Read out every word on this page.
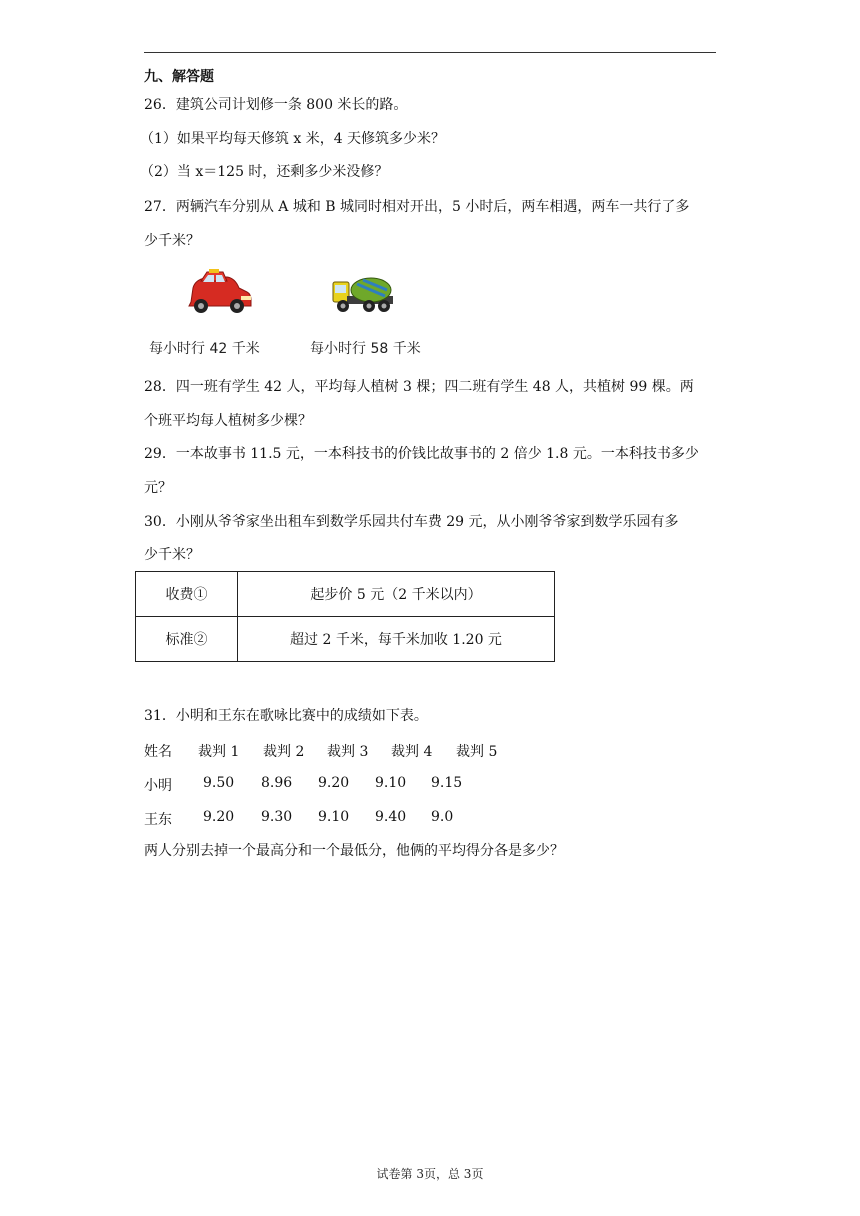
九、解答题
26．建筑公司计划修一条 800 米长的路。
（1）如果平均每天修筑 x 米，4 天修筑多少米？
（2）当 x＝125 时，还剩多少米没修？
27．两辆汽车分别从 A 城和 B 城同时相对开出，5 小时后，两车相遇，两车一共行了多
少千米？
每小时行 42 千米	每小时行 58 千米
28．四一班有学生 42 人，平均每人植树 3 棵；四二班有学生 48 人，共植树 99 棵。两
个班平均每人植树多少棵？
29．一本故事书 11.5 元，一本科技书的价钱比故事书的 2 倍少 1.8 元。一本科技书多少
元？
30．小刚从爷爷家坐出租车到数学乐园共付车费 29 元，从小刚爷爷家到数学乐园有多
少千米？
收费①	起步价 5 元（2 千米以内）
标准②	超过 2 千米，每千米加收 1.20 元
31．小明和王东在歌咏比赛中的成绩如下表。
姓名 裁判 1 裁判 2 裁判 3 裁判 4 裁判 5
小明 9.50 8.96 9.20 9.10 9.15
王东 9.20 9.30 9.10 9.40 9.0
两人分别去掉一个最高分和一个最低分，他俩的平均得分各是多少？
试卷第 3页，总 3页
